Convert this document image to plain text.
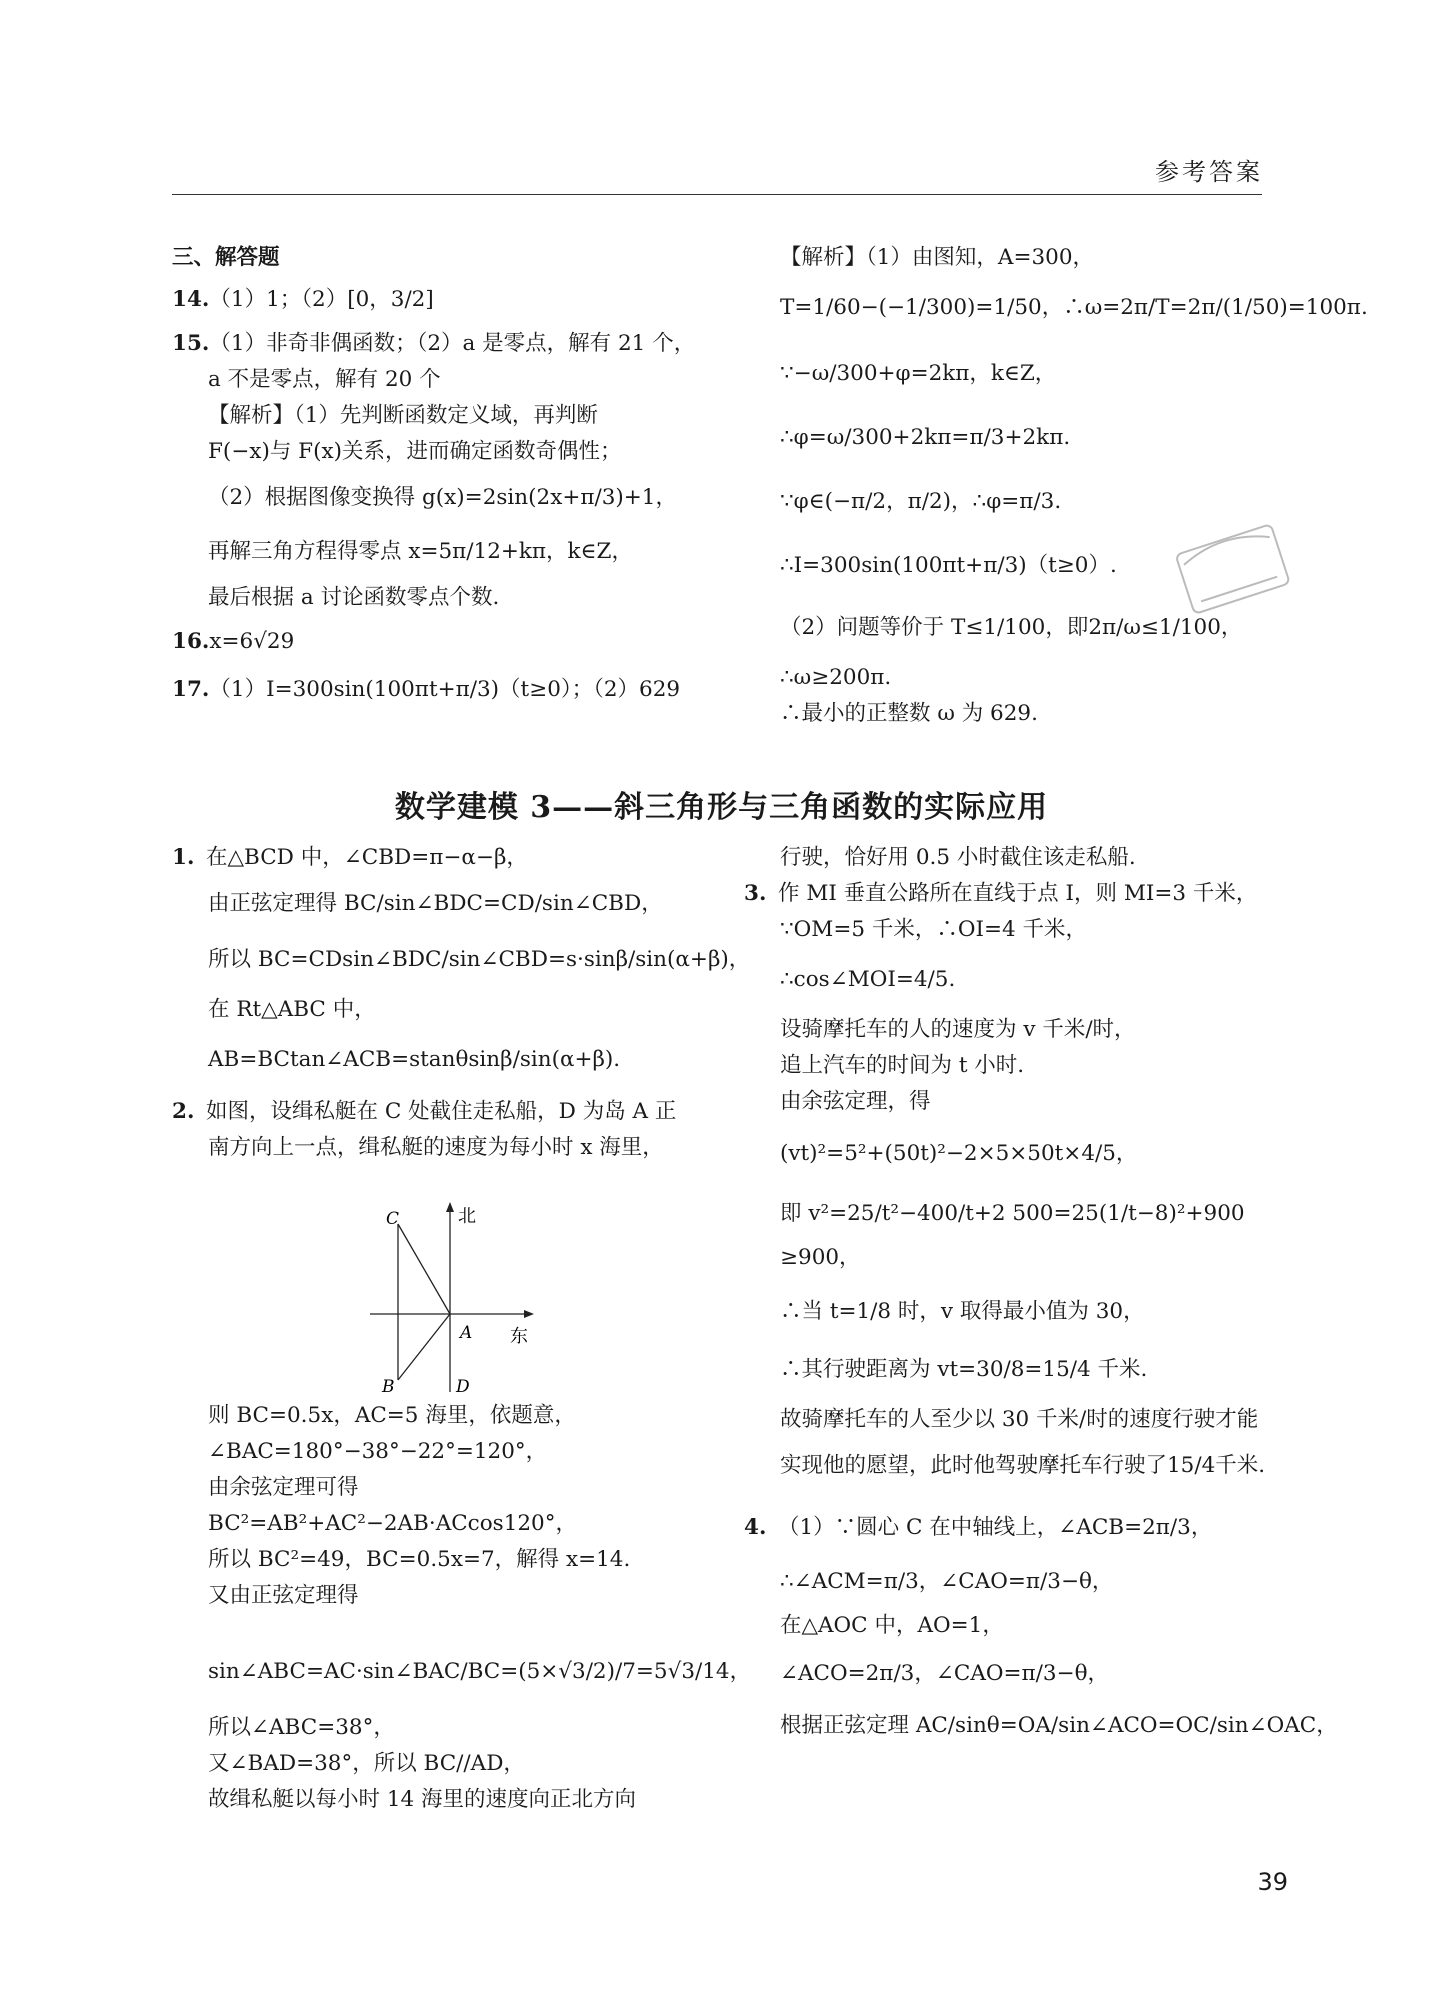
参考答案
三、解答题
14.（1）1；（2）[0，3/2]
15.（1）非奇非偶函数；（2）a 是零点，解有 21 个，
a 不是零点，解有 20 个
【解析】（1）先判断函数定义域，再判断
F(−x)与 F(x)关系，进而确定函数奇偶性；
（2）根据图像变换得 g(x)=2sin(2x+π/3)+1，
再解三角方程得零点 x=5π/12+kπ，k∈Z，
最后根据 a 讨论函数零点个数.
16.x=6√29
17.（1）I=300sin(100πt+π/3)（t≥0）；（2）629
【解析】（1）由图知，A=300，
T=1/60−(−1/300)=1/50，∴ω=2π/T=2π/(1/50)=100π.
∵−ω/300+φ=2kπ，k∈Z，
∴φ=ω/300+2kπ=π/3+2kπ.
∵φ∈(−π/2，π/2)，∴φ=π/3.
∴I=300sin(100πt+π/3)（t≥0）.
（2）问题等价于 T≤1/100，即2π/ω≤1/100，
∴ω≥200π.
∴最小的正整数 ω 为 629.
数学建模 3——斜三角形与三角函数的实际应用
1. 在△BCD 中，∠CBD=π−α−β，
由正弦定理得 BC/sin∠BDC=CD/sin∠CBD，
所以 BC=CDsin∠BDC/sin∠CBD=s·sinβ/sin(α+β)，
在 Rt△ABC 中，
AB=BCtan∠ACB=stanθsinβ/sin(α+β).
2. 如图，设缉私艇在 C 处截住走私船，D 为岛 A 正
南方向上一点，缉私艇的速度为每小时 x 海里，
则 BC=0.5x，AC=5 海里，依题意，
∠BAC=180°−38°−22°=120°，
由余弦定理可得
BC²=AB²+AC²−2AB·ACcos120°，
所以 BC²=49，BC=0.5x=7，解得 x=14.
又由正弦定理得
sin∠ABC=AC·sin∠BAC/BC=(5×√3/2)/7=5√3/14，
所以∠ABC=38°，
又∠BAD=38°，所以 BC//AD，
故缉私艇以每小时 14 海里的速度向正北方向
北
东
C
A
B	D
行驶，恰好用 0.5 小时截住该走私船.
3. 作 MI 垂直公路所在直线于点 I，则 MI=3 千米，
∵OM=5 千米，∴OI=4 千米，
∴cos∠MOI=4/5.
设骑摩托车的人的速度为 v 千米/时，
追上汽车的时间为 t 小时.
由余弦定理，得
(vt)²=5²+(50t)²−2×5×50t×4/5，
即 v²=25/t²−400/t+2 500=25(1/t−8)²+900
≥900，
∴当 t=1/8 时，v 取得最小值为 30，
∴其行驶距离为 vt=30/8=15/4 千米.
故骑摩托车的人至少以 30 千米/时的速度行驶才能
实现他的愿望，此时他驾驶摩托车行驶了15/4千米.
4. （1）∵圆心 C 在中轴线上，∠ACB=2π/3，
∴∠ACM=π/3，∠CAO=π/3−θ，
在△AOC 中，AO=1，
∠ACO=2π/3，∠CAO=π/3−θ，
根据正弦定理 AC/sinθ=OA/sin∠ACO=OC/sin∠OAC，
39
